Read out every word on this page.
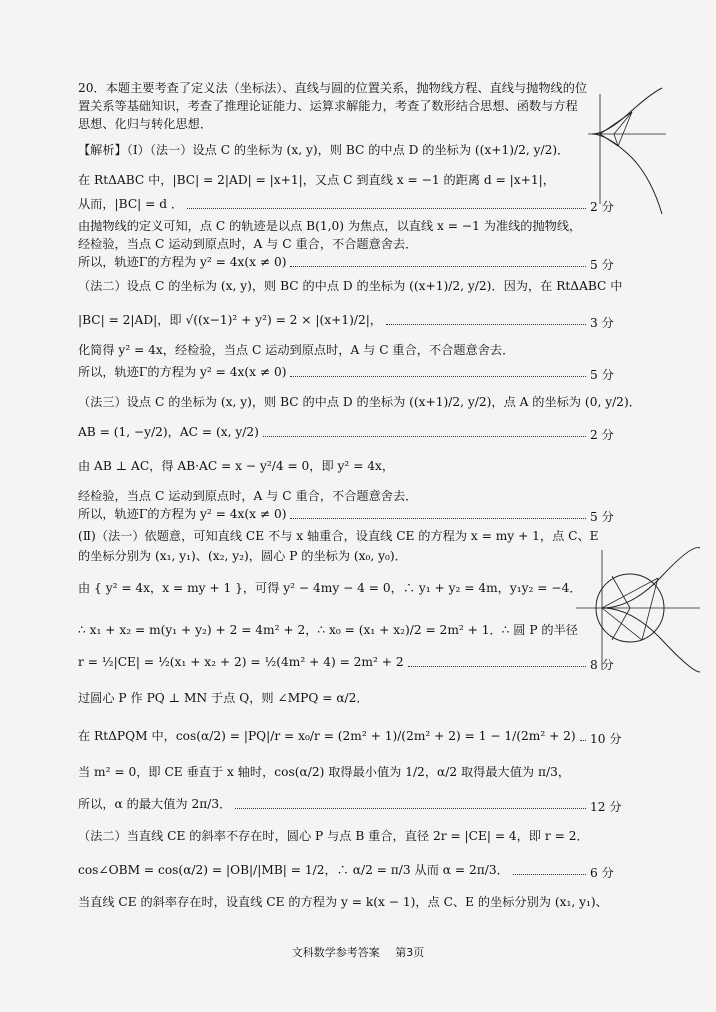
文科数学参考答案 第3页
20．本题主要考查了定义法（坐标法）、直线与圆的位置关系，抛物线方程、直线与抛物线的位
置关系等基础知识，考查了推理论证能力、运算求解能力，考查了数形结合思想、函数与方程
思想、化归与转化思想．
【解析】（Ⅰ）（法一）设点 C 的坐标为 (x, y)，则 BC 的中点 D 的坐标为 ((x+1)/2, y/2)．
在 RtΔABC 中，|BC| = 2|AD| = |x+1|，又点 C 到直线 x = −1 的距离 d = |x+1|，
从而，|BC| = d ．	2 分
由抛物线的定义可知，点 C 的轨迹是以点 B(1,0) 为焦点，以直线 x = −1 为准线的抛物线，
经检验，当点 C 运动到原点时，A 与 C 重合，不合题意舍去．
所以，轨迹Γ的方程为 y² = 4x(x ≠ 0)	5 分
（法二）设点 C 的坐标为 (x, y)，则 BC 的中点 D 的坐标为 ((x+1)/2, y/2)．因为，在 RtΔABC 中
|BC| = 2|AD|，即 √((x−1)² + y²) = 2 × |(x+1)/2|，	3 分
化简得 y² = 4x，经检验，当点 C 运动到原点时，A 与 C 重合，不合题意舍去．
所以，轨迹Γ的方程为 y² = 4x(x ≠ 0)	5 分
（法三）设点 C 的坐标为 (x, y)，则 BC 的中点 D 的坐标为 ((x+1)/2, y/2)，点 A 的坐标为 (0, y/2)．
AB = (1, −y/2)，AC = (x, y/2)	2 分
由 AB ⊥ AC，得 AB·AC = x − y²/4 = 0，即 y² = 4x，
经检验，当点 C 运动到原点时，A 与 C 重合，不合题意舍去．
所以，轨迹Γ的方程为 y² = 4x(x ≠ 0)	5 分
(Ⅱ)（法一）依题意，可知直线 CE 不与 x 轴重合，设直线 CE 的方程为 x = my + 1，点 C、E
的坐标分别为 (x₁, y₁)、(x₂, y₂)，圆心 P 的坐标为 (x₀, y₀)．
由 { y² = 4x，x = my + 1 }，可得 y² − 4my − 4 = 0，∴ y₁ + y₂ = 4m，y₁y₂ = −4．
∴ x₁ + x₂ = m(y₁ + y₂) + 2 = 4m² + 2，∴ x₀ = (x₁ + x₂)/2 = 2m² + 1．∴ 圆 P 的半径
r = ½|CE| = ½(x₁ + x₂ + 2) = ½(4m² + 4) = 2m² + 2	8 分
过圆心 P 作 PQ ⊥ MN 于点 Q，则 ∠MPQ = α/2．
在 RtΔPQM 中，cos(α/2) = |PQ|/r = x₀/r = (2m² + 1)/(2m² + 2) = 1 − 1/(2m² + 2) 10 分
当 m² = 0，即 CE 垂直于 x 轴时，cos(α/2) 取得最小值为 1/2，α/2 取得最大值为 π/3，
所以，α 的最大值为 2π/3．	12 分
（法二）当直线 CE 的斜率不存在时，圆心 P 与点 B 重合，直径 2r = |CE| = 4，即 r = 2．
cos∠OBM = cos(α/2) = |OB|/|MB| = 1/2，∴ α/2 = π/3 从而 α = 2π/3．	6 分
当直线 CE 的斜率存在时，设直线 CE 的方程为 y = k(x − 1)，点 C、E 的坐标分别为 (x₁, y₁)、
